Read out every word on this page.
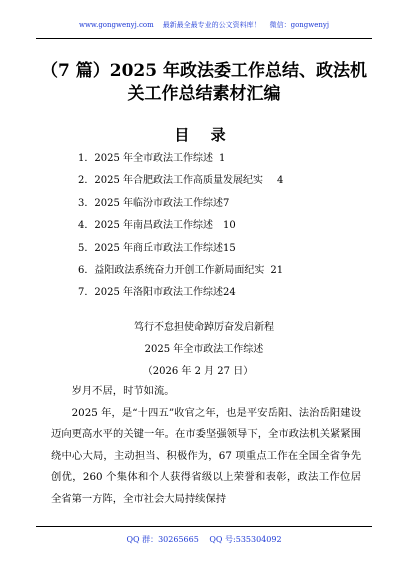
www.gongwenyj.com 最新最全最专业的公文资料库！ 微信：gongwenyj
（7 篇）2025 年政法委工作总结、政法机
关工作总结素材汇编
目 录
1．2025 年全市政法工作综述 1
2．2025 年合肥政法工作高质量发展纪实 4
3．2025 年临汾市政法工作综述7
4．2025 年南昌政法工作综述 10
5．2025 年商丘市政法工作综述15
6．益阳政法系统奋力开创工作新局面纪实 21
7．2025 年洛阳市政法工作综述24
笃行不怠担使命踔厉奋发启新程
2025 年全市政法工作综述
（2026 年 2 月 27 日）

岁月不居，时节如流。

2025 年，是“十四五”收官之年，也是平安岳阳、法治岳阳建设迈向更高水平的关键一年。在市委坚强领导下，全市政法机关紧紧围绕中心大局，主动担当、积极作为，67 项重点工作在全国全省争先创优，260 个集体和个人获得省级以上荣誉和表彰，政法工作位居全省第一方阵，全市社会大局持续保持

QQ 群：30265665 QQ 号:535304092
